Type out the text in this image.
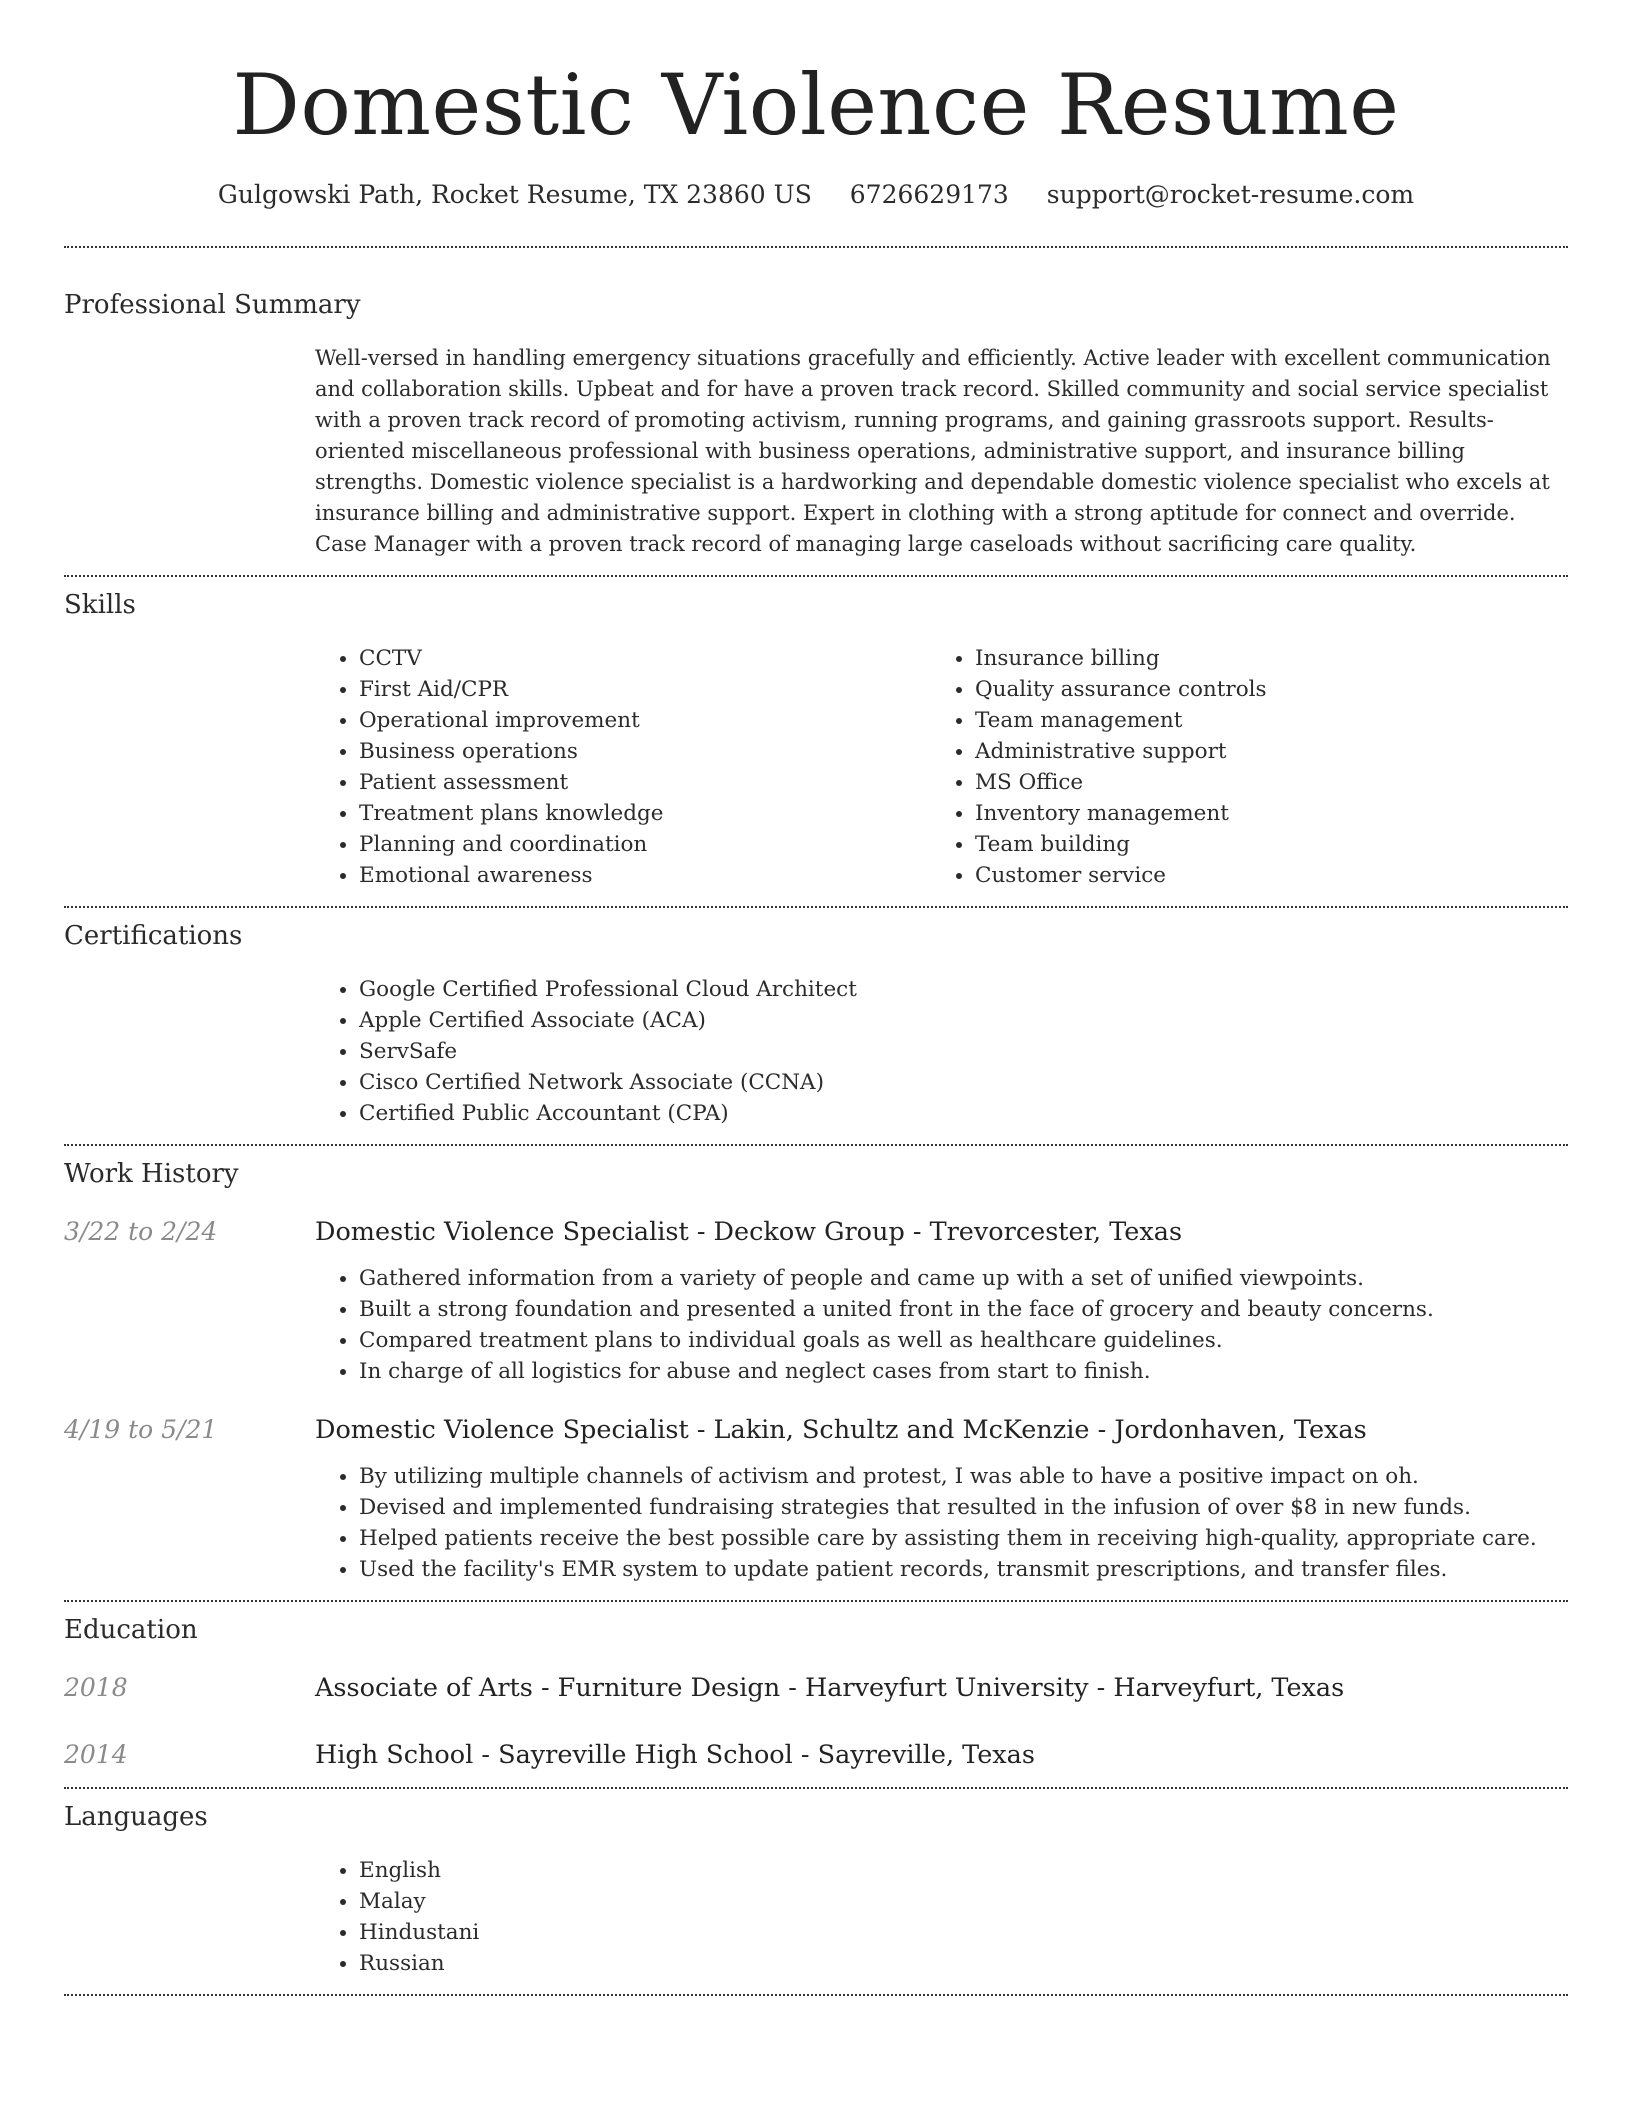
Domestic Violence Resume
Gulgowski Path, Rocket Resume, TX 23860 US 6726629173 support@rocket-resume.com
Professional Summary

Well-versed in handling emergency situations gracefully and efficiently. Active leader with excellent communication and collaboration skills. Upbeat and for have a proven track record. Skilled community and social service specialist with a proven track record of promoting activism, running programs, and gaining grassroots support. Results-oriented miscellaneous professional with business operations, administrative support, and insurance billing strengths. Domestic violence specialist is a hardworking and dependable domestic violence specialist who excels at insurance billing and administrative support. Expert in clothing with a strong aptitude for connect and override. Case Manager with a proven track record of managing large caseloads without sacrificing care quality.

Skills
• CCTV
• First Aid/CPR
• Operational improvement
• Business operations
• Patient assessment
• Treatment plans knowledge
• Planning and coordination
• Emotional awareness
• Insurance billing
• Quality assurance controls
• Team management
• Administrative support
• MS Office
• Inventory management
• Team building
• Customer service
Certifications
• Google Certified Professional Cloud Architect
• Apple Certified Associate (ACA)
• ServSafe
• Cisco Certified Network Associate (CCNA)
• Certified Public Accountant (CPA)
Work History
3/22 to 2/24	Domestic Violence Specialist - Deckow Group - Trevorcester, Texas

• Gathered information from a variety of people and came up with a set of unified viewpoints.
• Built a strong foundation and presented a united front in the face of grocery and beauty concerns.
• Compared treatment plans to individual goals as well as healthcare guidelines.
• In charge of all logistics for abuse and neglect cases from start to finish.
4/19 to 5/21	Domestic Violence Specialist - Lakin, Schultz and McKenzie - Jordonhaven, Texas

• By utilizing multiple channels of activism and protest, I was able to have a positive impact on oh.
• Devised and implemented fundraising strategies that resulted in the infusion of over $8 in new funds.
• Helped patients receive the best possible care by assisting them in receiving high-quality, appropriate care.
• Used the facility's EMR system to update patient records, transmit prescriptions, and transfer files.
Education
2018	Associate of Arts - Furniture Design - Harveyfurt University - Harveyfurt, Texas

2014	High School - Sayreville High School - Sayreville, Texas

Languages
• English
• Malay
• Hindustani
• Russian
